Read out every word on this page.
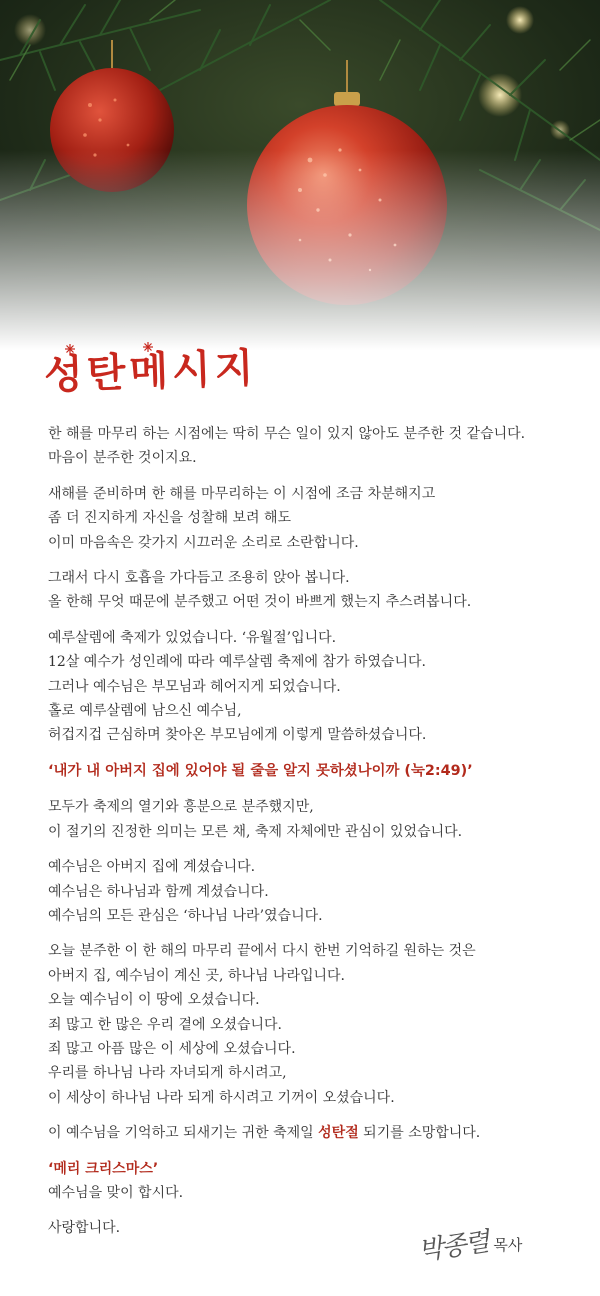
성탄메시지
한 해를 마무리 하는 시점에는 딱히 무슨 일이 있지 않아도 분주한 것 같습니다.
마음이 분주한 것이지요.
새해를 준비하며 한 해를 마무리하는 이 시점에 조금 차분해지고
좀 더 진지하게 자신을 성찰해 보려 해도
이미 마음속은 갖가지 시끄러운 소리로 소란합니다.
그래서 다시 호흡을 가다듬고 조용히 앉아 봅니다.
올 한해 무엇 때문에 분주했고 어떤 것이 바쁘게 했는지 추스려봅니다.
예루살렘에 축제가 있었습니다. ‘유월절’입니다.
12살 예수가 성인례에 따라 예루살렘 축제에 참가 하였습니다.
그러나 예수님은 부모님과 헤어지게 되었습니다.
홀로 예루살렘에 남으신 예수님,
허겁지겁 근심하며 찾아온 부모님에게 이렇게 말씀하셨습니다.
‘내가 내 아버지 집에 있어야 될 줄을 알지 못하셨나이까 (눅2:49)’
모두가 축제의 열기와 흥분으로 분주했지만,
이 절기의 진정한 의미는 모른 채, 축제 자체에만 관심이 있었습니다.
예수님은 아버지 집에 계셨습니다.
예수님은 하나님과 함께 계셨습니다.
예수님의 모든 관심은 ‘하나님 나라’였습니다.
오늘 분주한 이 한 해의 마무리 끝에서 다시 한번 기억하길 원하는 것은
아버지 집, 예수님이 계신 곳, 하나님 나라입니다.
오늘 예수님이 이 땅에 오셨습니다.
죄 많고 한 많은 우리 곁에 오셨습니다.
죄 많고 아픔 많은 이 세상에 오셨습니다.
우리를 하나님 나라 자녀되게 하시려고,
이 세상이 하나님 나라 되게 하시려고 기꺼이 오셨습니다.
이 예수님을 기억하고 되새기는 귀한 축제일 성탄절 되기를 소망합니다.
‘메리 크리스마스’
예수님을 맞이 합시다.
사랑합니다.	박종렬 목사
